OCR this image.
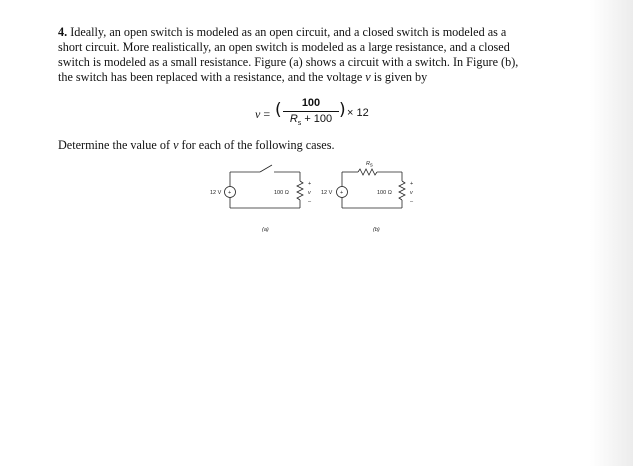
4. Ideally, an open switch is modeled as an open circuit, and a closed switch is modeled as a
short circuit. More realistically, an open switch is modeled as a large resistance, and a closed
switch is modeled as a small resistance. Figure (a) shows a circuit with a switch. In Figure (b),
the switch has been replaced with a resistance, and the voltage v is given by
v = (	100
$R_s + 100$ ) × 12
Determine the value of v for each of the following cases.
12 V +	100 Ω
+
v
–
12 V +
R s
100 Ω
+
v
–
(a)	(b)
